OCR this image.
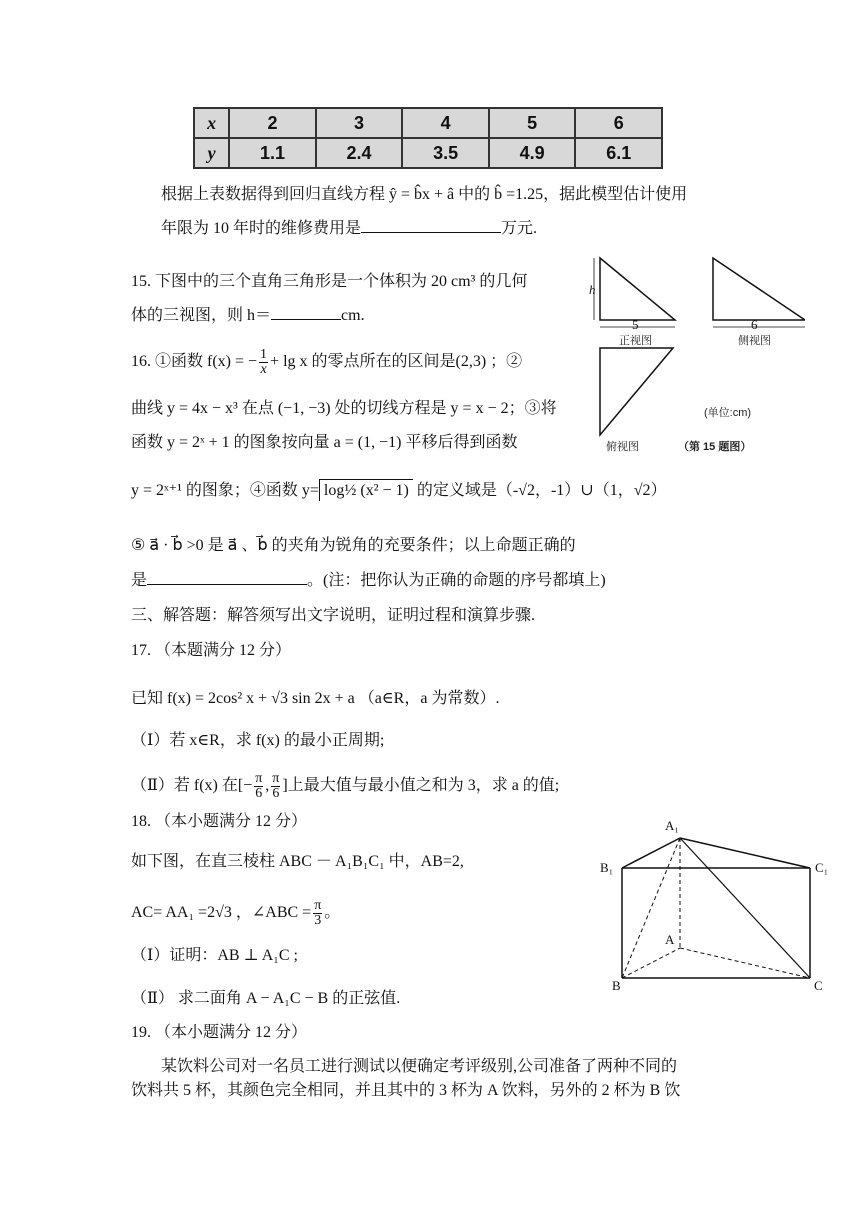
x	2	3	4	5	6
y	1.1	2.4	3.5	4.9	6.1
根据上表数据得到回归直线方程 ŷ = b̂x + â 中的 b̂ =1.25，据此模型估计使用
年限为 10 年时的维修费用是	万元.
15. 下图中的三个直角三角形是一个体积为 20 cm³ 的几何
体的三视图，则 h＝	cm.
h
5	6
正视图	侧视图
(单位:cm)
俯视图	（第 15 题图）
16. ①函数 f(x) = − $\frac{1}{x} + \lg x$ 的零点所在的区间是(2,3) ；②
曲线 y = 4x − x³ 在点 (−1, −3) 处的切线方程是 y = x − 2；③将
函数 y = 2ˣ + 1 的图象按向量 a = (1, −1) 平移后得到函数
y = 2ˣ⁺¹ 的图象；④函数 y= log½ (x² − 1) 的定义域是（-√2，-1）∪（1，√2）
⑤ a⃗ · b⃗ >0 是 a⃗ 、b⃗ 的夹角为锐角的充要条件；以上命题正确的
是	。(注：把你认为正确的命题的序号都填上)
三、解答题：解答须写出文字说明，证明过程和演算步骤.
17. （本题满分 12 分）
已知 f(x) = 2cos² x + √3 sin 2x + a （a∈R，a 为常数）.
（Ⅰ）若 x∈R，求 f(x) 的最小正周期;
（Ⅱ）若 f(x) 在[− $\frac{\pi}{6}$ , $\frac{\pi}{6}$ ]上最大值与最小值之和为 3，求 a 的值;
18. （本小题满分 12 分）
如下图，在直三棱柱 ABC － A₁B₁C₁ 中，AB=2,
AC= AA₁ =2√3 ，∠ABC = $\frac{\pi}{3}$ 。
（Ⅰ）证明：AB ⊥ A₁C ;
（Ⅱ） 求二面角 A − A₁C − B 的正弦值.
A₁
B₁	C₁
A
B	C
19. （本小题满分 12 分）
某饮料公司对一名员工进行测试以便确定考评级别,公司准备了两种不同的
饮料共 5 杯，其颜色完全相同，并且其中的 3 杯为 A 饮料，另外的 2 杯为 B 饮
